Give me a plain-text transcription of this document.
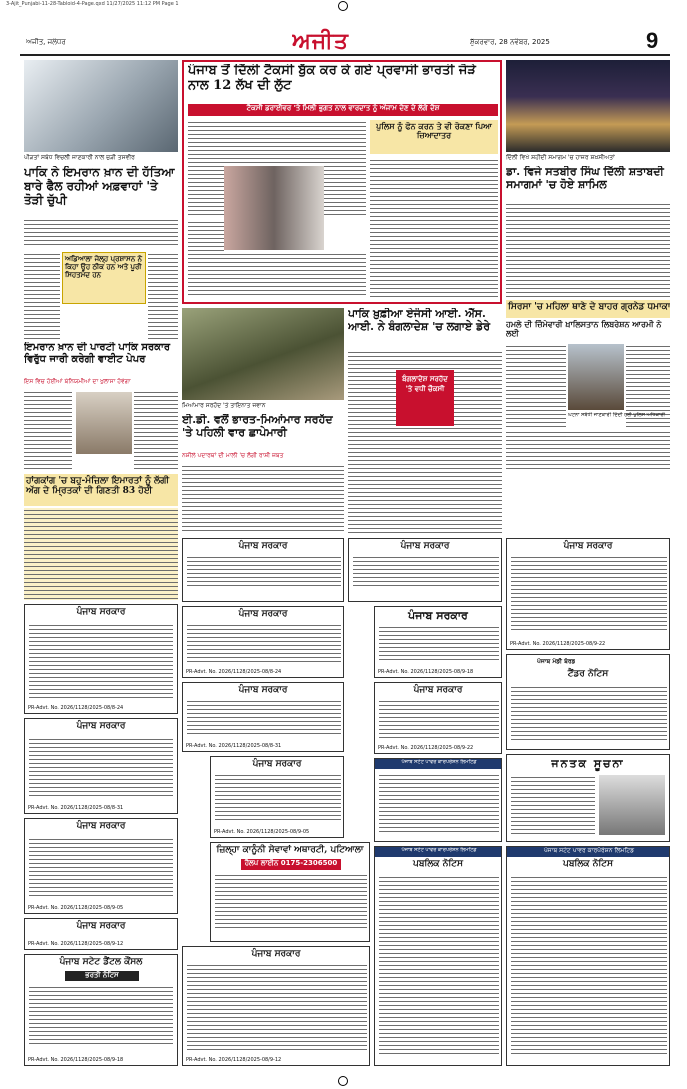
3-Ajit_Punjabi-11-28-Tabloid-4-Page.qxd 11/27/2025 11:12 PM Page 1
ਅਜੀਤ, ਜਲੰਧਰ	ਅਜੀਤ	ਸ਼ੁੱਕਰਵਾਰ, 28 ਨਵੰਬਰ, 2025	9
ਪੀੜਤਾਂ ਸਬੰਧ ਵਿਚਲੀ ਜਾਣਕਾਰੀ ਨਾਲ ਜੁੜੀ ਤਸਵੀਰ
ਪਾਕਿ ਨੇ ਇਮਰਾਨ ਖ਼ਾਨ ਦੀ ਹੱਤਿਆ ਬਾਰੇ ਫੈਲ ਰਹੀਆਂ ਅਫ਼ਵਾਹਾਂ 'ਤੇ ਤੋੜੀ ਚੁੱਪੀ
ਅਡਿਆਲਾ ਜੇਲ੍ਹ ਪ੍ਰਸ਼ਾਸਨ ਨੇ ਕਿਹਾ ਉਹ ਠੀਕ ਹਨ ਅਤੇ ਪੂਰੀ ਸਿਹਤਮੰਦ ਹਨ
ਇਮਰਾਨ ਖ਼ਾਨ ਦੀ ਪਾਰਟੀ ਪਾਕਿ ਸਰਕਾਰ ਵਿਰੁੱਧ ਜਾਰੀ ਕਰੇਗੀ ਵਾਈਟ ਪੇਪਰ
ਇਸ ਵਿਚ ਹੋਈਆਂ ਬੇਨਿਯਮੀਆਂ ਦਾ ਖੁਲਾਸਾ ਹੋਵੇਗਾ
ਹਾਂਗਕਾਂਗ 'ਚ ਬਹੁ-ਮੰਜ਼ਿਲਾ ਇਮਾਰਤਾਂ ਨੂੰ ਲੱਗੀ ਅੱਗ ਦੇ ਮ੍ਰਿਤਕਾਂ ਦੀ ਗਿਣਤੀ 83 ਹੋਈ
ਪੰਜਾਬ ਸਰਕਾਰ
PR-Advt. No. 2026/1128/2025-08/8-24
ਪੰਜਾਬ ਸਰਕਾਰ
PR-Advt. No. 2026/1128/2025-08/8-31
ਪੰਜਾਬ ਸਰਕਾਰ
PR-Advt. No. 2026/1128/2025-08/9-05
ਪੰਜਾਬ ਸਰਕਾਰ
PR-Advt. No. 2026/1128/2025-08/9-12
ਪੰਜਾਬ ਸਟੇਟ ਡੈਂਟਲ ਕੌਂਸਲ
ਭਰਤੀ ਨੋਟਿਸ
PR-Advt. No. 2026/1128/2025-08/9-18
ਪੰਜਾਬ ਤੋਂ ਦਿੱਲੀ ਟੈਕਸੀ ਬੁੱਕ ਕਰ ਕੇ ਗਏ ਪ੍ਰਵਾਸੀ ਭਾਰਤੀ ਜੋੜੇ ਨਾਲ 12 ਲੱਖ ਦੀ ਲੁੱਟ
ਟੈਕਸੀ ਡਰਾਈਵਰ 'ਤੇ ਮਿਲੀ ਭੁਗਤ ਨਾਲ ਵਾਰਦਾਤ ਨੂੰ ਅੰਜਾਮ ਦੇਣ ਦੇ ਲੱਗੇ ਦੋਸ਼
ਪੁਲਿਸ ਨੂੰ ਫੋਨ ਕਰਨ ਤੇ ਵੀ ਰੋਕਣਾ ਪਿਆ ਜ਼ਿਆਦਾਤਰ
ਮਿਆਂਮਾਰ ਸਰਹੱਦ 'ਤੇ ਤਾਇਨਾਤ ਜਵਾਨ
ਈ.ਡੀ. ਵਲੋਂ ਭਾਰਤ-ਮਿਆਂਮਾਰ ਸਰਹੱਦ 'ਤੇ ਪਹਿਲੀ ਵਾਰ ਛਾਪੇਮਾਰੀ
ਨਸ਼ੀਲੇ ਪਦਾਰਥਾਂ ਦੀ ਮਾਲੀ 'ਚ ਲੱਗੀ ਰਾਸ਼ੀ ਜ਼ਬਤ
ਪਾਕਿ ਖ਼ੁਫ਼ੀਆ ਏਜੰਸੀ ਆਈ. ਐੱਸ. ਆਈ. ਨੇ ਬੰਗਲਾਦੇਸ਼ 'ਚ ਲਗਾਏ ਡੇਰੇ
ਬੰਗਲਾਦੇਸ਼ ਸਰਹੱਦ 'ਤੇ ਵਧੀ ਚੌਕਸੀ
ਪੰਜਾਬ ਸਰਕਾਰ
ਪੰਜਾਬ ਸਰਕਾਰ
PR-Advt. No. 2026/1128/2025-08/8-24
ਪੰਜਾਬ ਸਰਕਾਰ
PR-Advt. No. 2026/1128/2025-08/8-31
ਪੰਜਾਬ ਸਰਕਾਰ
PR-Advt. No. 2026/1128/2025-08/9-05
ਜ਼ਿਲ੍ਹਾ ਕਾਨੂੰਨੀ ਸੇਵਾਵਾਂ ਅਥਾਰਟੀ, ਪਟਿਆਲਾ
ਹੈਲਪ ਲਾਈਨ 0175-2306500
ਪੰਜਾਬ ਸਰਕਾਰ
PR-Advt. No. 2026/1128/2025-08/9-12
ਪੰਜਾਬ ਸਰਕਾਰ
ਪੰਜਾਬ ਸਰਕਾਰ
PR-Advt. No. 2026/1128/2025-08/9-18
ਪੰਜਾਬ ਸਰਕਾਰ
PR-Advt. No. 2026/1128/2025-08/9-22
ਪੰਜਾਬ ਸਟੇਟ ਪਾਵਰ ਕਾਰਪੋਰੇਸ਼ਨ ਲਿਮਟਿਡ
ਪੰਜਾਬ ਸਟੇਟ ਪਾਵਰ ਕਾਰਪੋਰੇਸ਼ਨ ਲਿਮਟਿਡ
ਪਬਲਿਕ ਨੋਟਿਸ
ਦਿੱਲੀ ਵਿਖੇ ਸ਼ਹੀਦੀ ਸਮਾਗਮ 'ਚ ਹਾਜ਼ਰ ਸ਼ਖ਼ਸੀਅਤਾਂ
ਡਾ. ਵਿਜੇ ਸਤਬੀਰ ਸਿੰਘ ਦਿੱਲੀ ਸ਼ਤਾਬਦੀ ਸਮਾਗਮਾਂ 'ਚ ਹੋਏ ਸ਼ਾਮਿਲ
ਸਿਰਸਾ 'ਚ ਮਹਿਲਾ ਥਾਣੇ ਦੇ ਬਾਹਰ ਗ੍ਰਨੇਡ ਧਮਾਕਾ
ਹਮਲੇ ਦੀ ਜ਼ਿੰਮੇਵਾਰੀ ਖ਼ਾਲਿਸਤਾਨ ਲਿਬਰੇਸ਼ਨ ਆਰਮੀ ਨੇ ਲਈ
ਘਟਨਾ ਸਬੰਧੀ ਜਾਣਕਾਰੀ ਦਿੰਦੀ ਹੋਈ ਪੁਲਿਸ ਅਧਿਕਾਰੀ
ਪੰਜਾਬ ਸਰਕਾਰ
PR-Advt. No. 2026/1128/2025-08/9-22
ਪੰਜਾਬ ਮੰਡੀ ਬੋਰਡ
ਟੈਂਡਰ ਨੋਟਿਸ
ਜਨਤਕ ਸੂਚਨਾ
ਪੰਜਾਬ ਸਟੇਟ ਪਾਵਰ ਕਾਰਪੋਰੇਸ਼ਨ ਲਿਮਟਿਡ
ਪਬਲਿਕ ਨੋਟਿਸ
